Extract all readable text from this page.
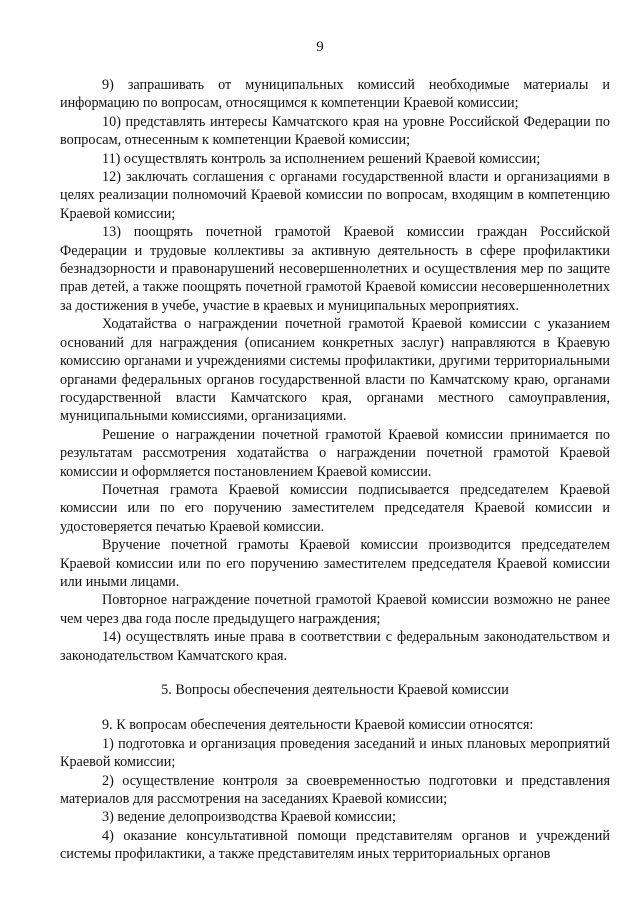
9

9) запрашивать от муниципальных комиссий необходимые материалы и информацию по вопросам, относящимся к компетенции Краевой комиссии;

10) представлять интересы Камчатского края на уровне Российской Федерации по вопросам, отнесенным к компетенции Краевой комиссии;

11) осуществлять контроль за исполнением решений Краевой комиссии;

12) заключать соглашения с органами государственной власти и организациями в целях реализации полномочий Краевой комиссии по вопросам, входящим в компетенцию Краевой комиссии;

13) поощрять почетной грамотой Краевой комиссии граждан Российской Федерации и трудовые коллективы за активную деятельность в сфере профилактики безнадзорности и правонарушений несовершеннолетних и осуществления мер по защите прав детей, а также поощрять почетной грамотой Краевой комиссии несовершеннолетних за достижения в учебе, участие в краевых и муниципальных мероприятиях.

Ходатайства о награждении почетной грамотой Краевой комиссии с указанием оснований для награждения (описанием конкретных заслуг) направляются в Краевую комиссию органами и учреждениями системы профилактики, другими территориальными органами федеральных органов государственной власти по Камчатскому краю, органами государственной власти Камчатского края, органами местного самоуправления, муниципальными комиссиями, организациями.

Решение о награждении почетной грамотой Краевой комиссии принимается по результатам рассмотрения ходатайства о награждении почетной грамотой Краевой комиссии и оформляется постановлением Краевой комиссии.

Почетная грамота Краевой комиссии подписывается председателем Краевой комиссии или по его поручению заместителем председателя Краевой комиссии и удостоверяется печатью Краевой комиссии.

Вручение почетной грамоты Краевой комиссии производится председателем Краевой комиссии или по его поручению заместителем председателя Краевой комиссии или иными лицами.

Повторное награждение почетной грамотой Краевой комиссии возможно не ранее чем через два года после предыдущего награждения;

14) осуществлять иные права в соответствии с федеральным законодательством и законодательством Камчатского края.

5. Вопросы обеспечения деятельности Краевой комиссии

9. К вопросам обеспечения деятельности Краевой комиссии относятся:

1) подготовка и организация проведения заседаний и иных плановых мероприятий Краевой комиссии;

2) осуществление контроля за своевременностью подготовки и представления материалов для рассмотрения на заседаниях Краевой комиссии;

3) ведение делопроизводства Краевой комиссии;

4) оказание консультативной помощи представителям органов и учреждений системы профилактики, а также представителям иных территориальных органов
